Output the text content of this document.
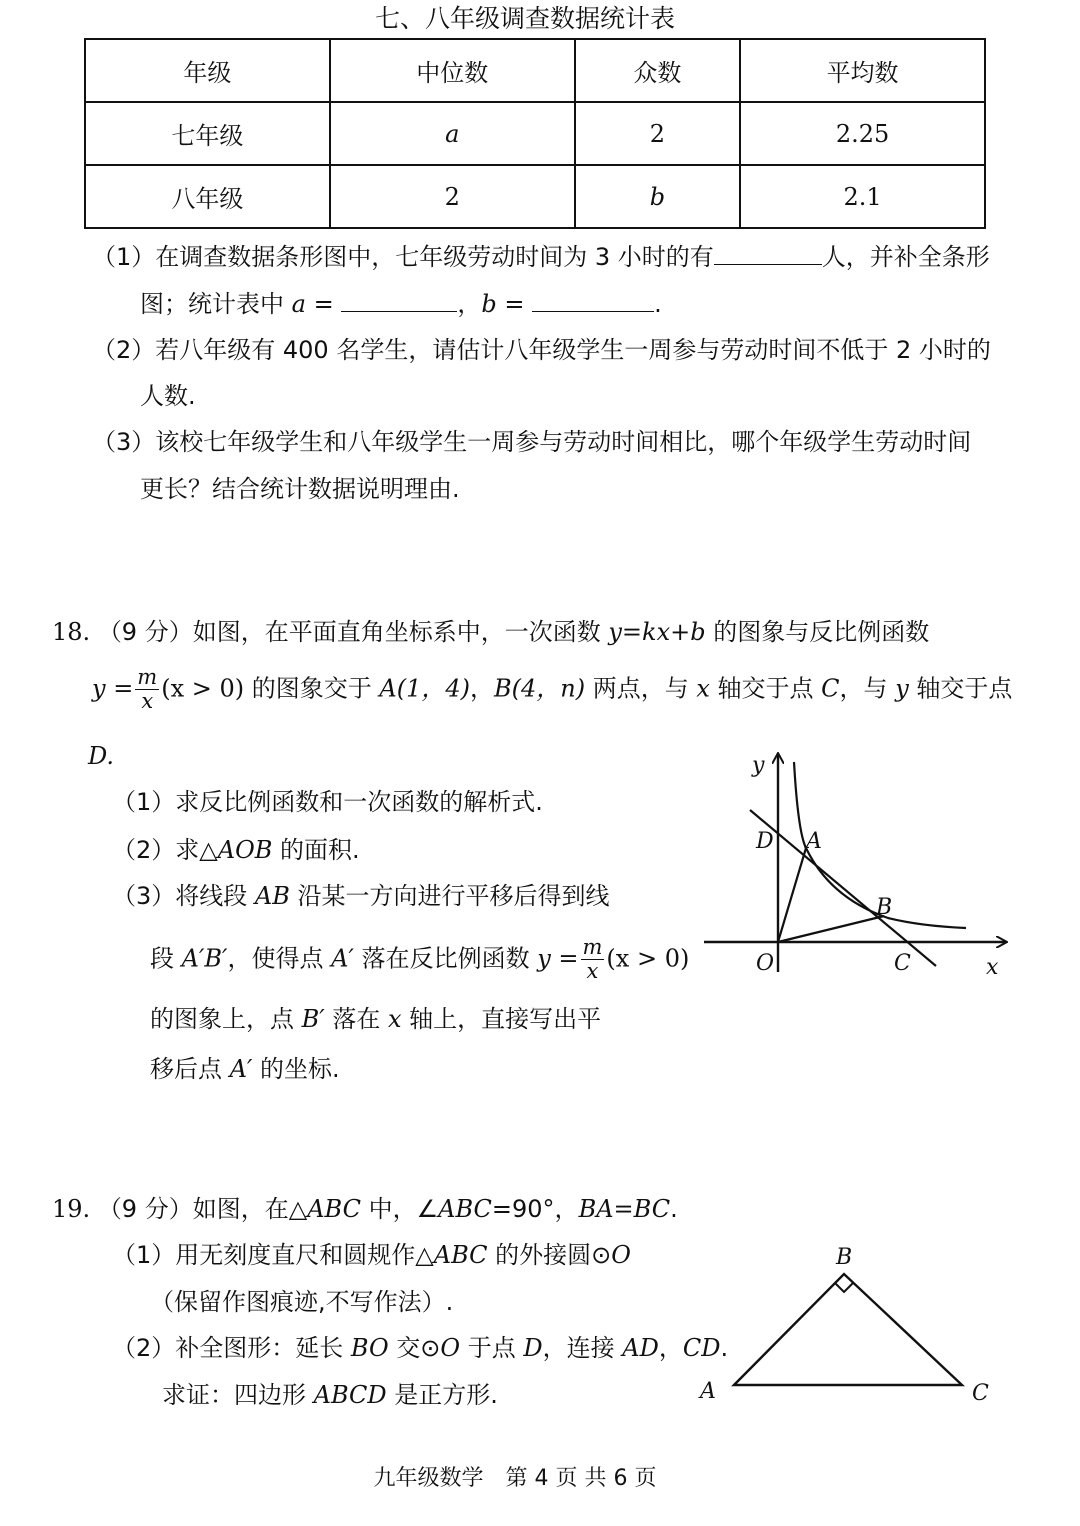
七、八年级调查数据统计表
年级	中位数	众数	平均数
七年级	a	2	2.25
八年级	2	b	2.1
（1）在调查数据条形图中，七年级劳动时间为 3 小时的有	人，并补全条形
图；统计表中 a =	，b =	.
（2）若八年级有 400 名学生，请估计八年级学生一周参与劳动时间不低于 2 小时的
人数.
（3）该校七年级学生和八年级学生一周参与劳动时间相比，哪个年级学生劳动时间
更长？结合统计数据说明理由.
18. （9 分）如图，在平面直角坐标系中，一次函数 y=kx+b 的图象与反比例函数
$y = \frac{m}{x} (x > 0)$ 的图象交于 A(1，4)，B(4，n) 两点，与 x 轴交于点 C，与 y 轴交于点
D.
（1）求反比例函数和一次函数的解析式.
（2）求△AOB 的面积.
（3）将线段 AB 沿某一方向进行平移后得到线
段 A′B′，使得点 A′ 落在反比例函数 $y = \frac{m}{x} (x > 0)$
的图象上，点 B′ 落在 x 轴上，直接写出平
移后点 A′ 的坐标.
y
x
O
D A
B
C
19. （9 分）如图，在△ABC 中，∠ABC=90°，BA=BC.
（1）用无刻度直尺和圆规作△ABC 的外接圆⊙O
（保留作图痕迹,不写作法）.
（2）补全图形：延长 BO 交⊙O 于点 D，连接 AD，CD.
求证：四边形 ABCD 是正方形.
B
A	C
九年级数学　第 4 页 共 6 页
